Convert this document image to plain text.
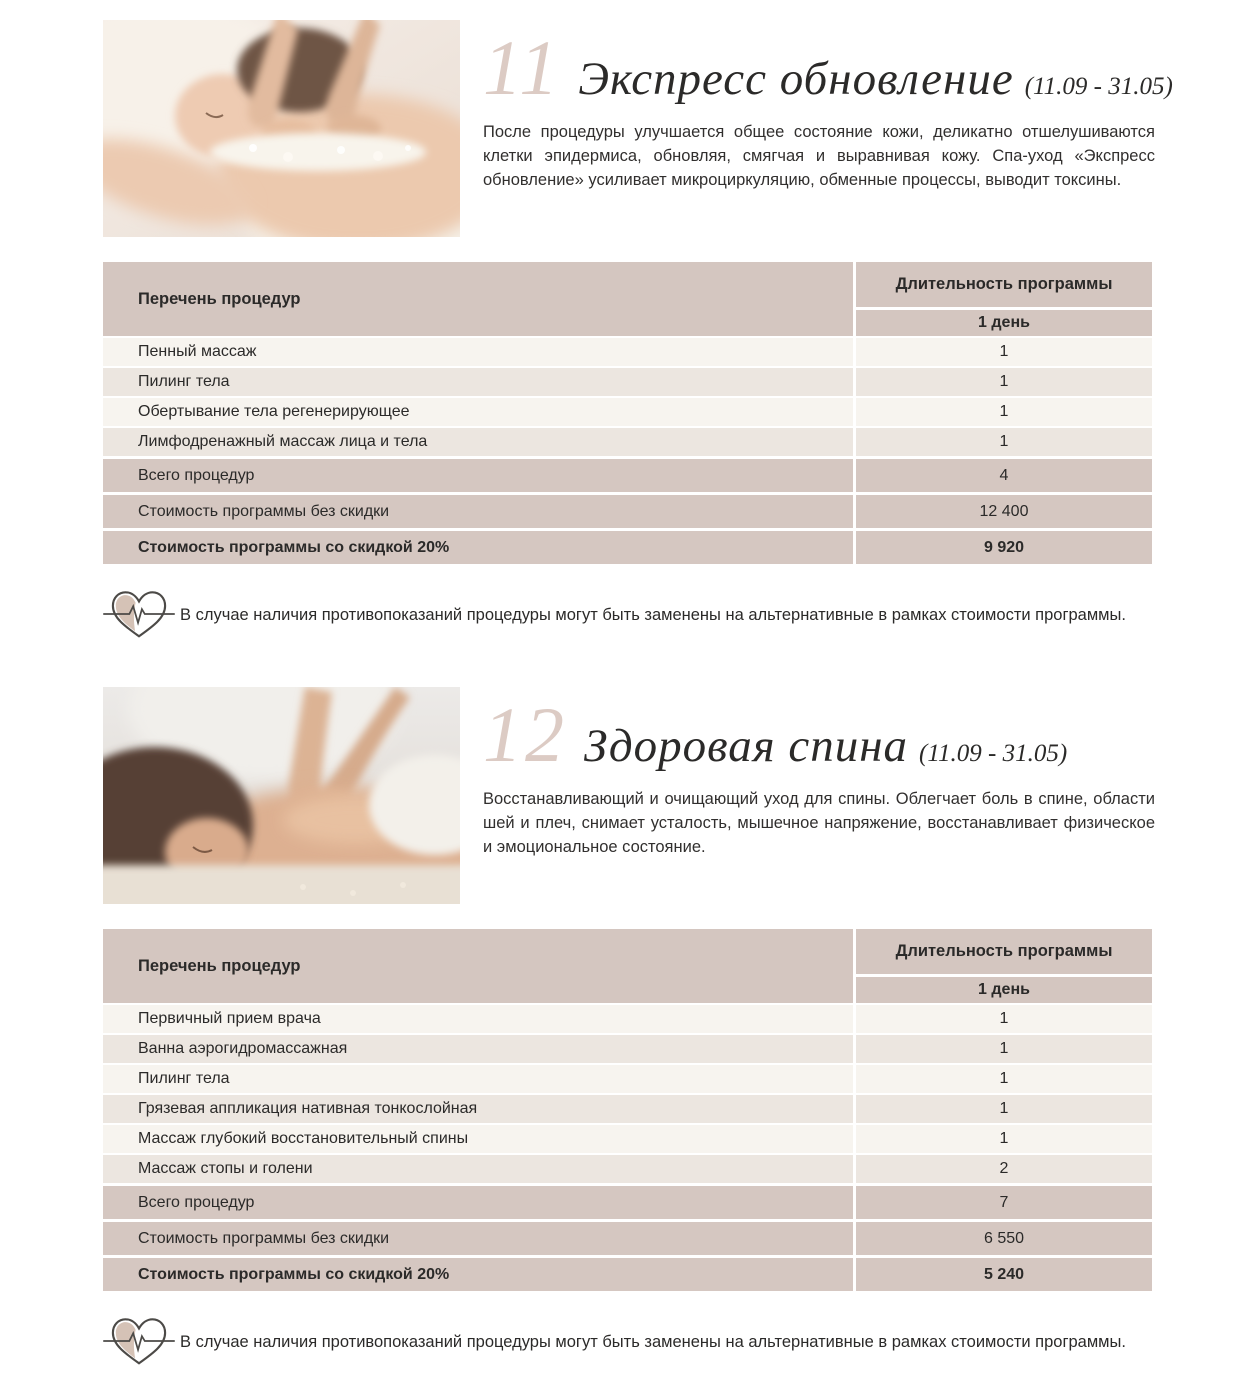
11 Экспресс обновление (11.09 - 31.05)
После процедуры улучшается общее состояние кожи, деликатно отшелушиваются клетки эпидермиса, обновляя, смягчая и выравнивая кожу. Спа-уход «Экспресс обновление» усиливает микроциркуляцию, обменные процессы, выводит токсины.
Перечень процедур
Длительность программы
1 день
Пенный массаж	1
Пилинг тела	1
Обертывание тела регенерирующее	1
Лимфодренажный массаж лица и тела	1
Всего процедур	4
Стоимость программы без скидки	12 400
Стоимость программы со скидкой 20%	9 920
В случае наличия противопоказаний процедуры могут быть заменены на альтернативные в рамках стоимости программы.
12 Здоровая спина (11.09 - 31.05)
Восстанавливающий и очищающий уход для спины. Облегчает боль в спине, области шей и плеч, снимает усталость, мышечное напряжение, восстанавливает физическое и эмоциональное состояние.
Перечень процедур
Длительность программы
1 день
Первичный прием врача	1
Ванна аэрогидромассажная	1
Пилинг тела	1
Грязевая аппликация нативная тонкослойная	1
Массаж глубокий восстановительный спины	1
Массаж стопы и голени	2
Всего процедур	7
Стоимость программы без скидки	6 550
Стоимость программы со скидкой 20%	5 240
В случае наличия противопоказаний процедуры могут быть заменены на альтернативные в рамках стоимости программы.
